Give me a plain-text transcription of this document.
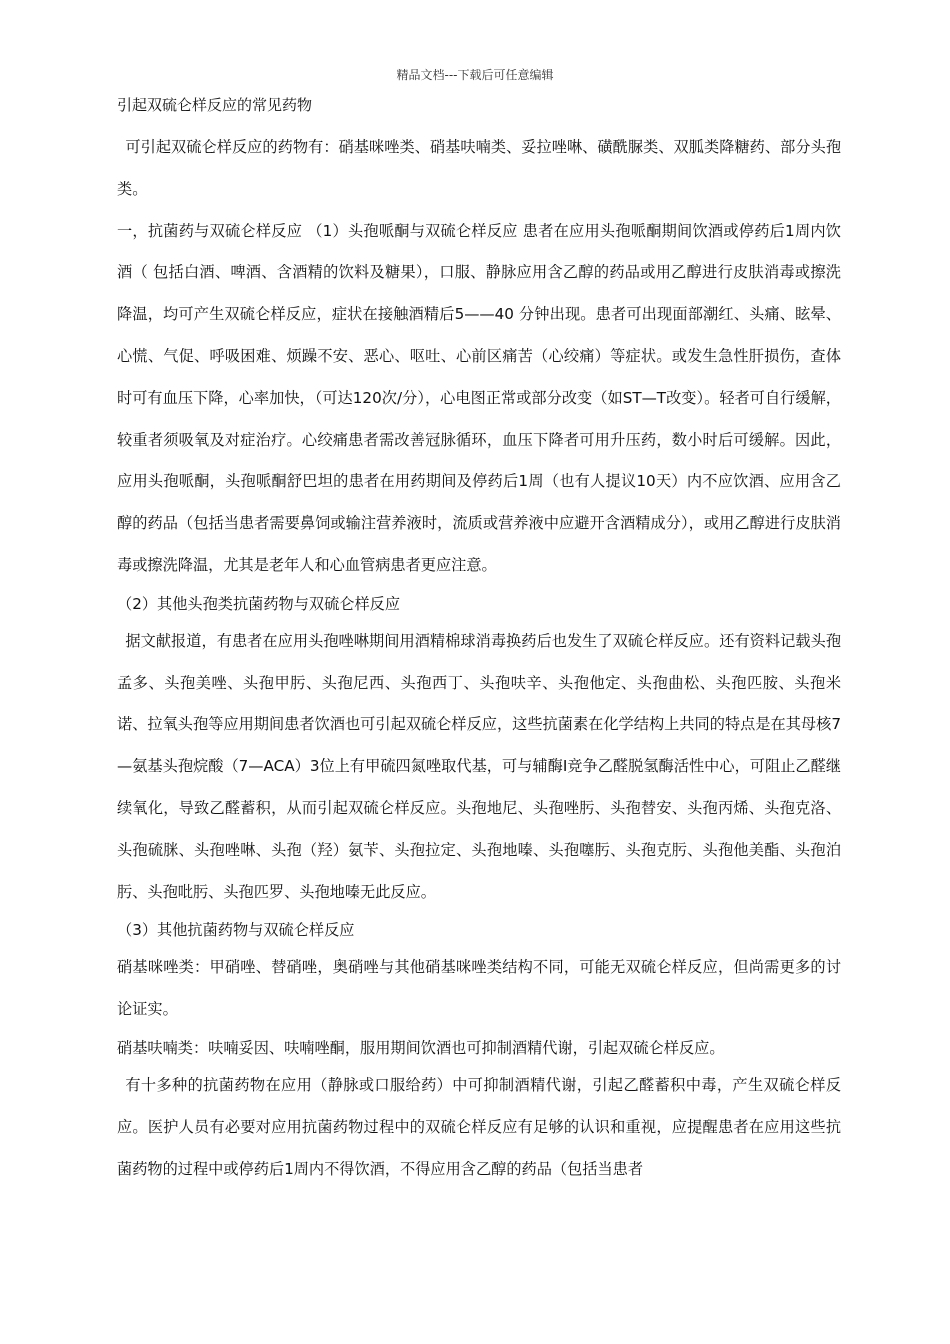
精品文档---下载后可任意编辑
引起双硫仑样反应的常见药物

可引起双硫仑样反应的药物有：硝基咪唑类、硝基呋喃类、妥拉唑啉、磺酰脲类、双胍类降糖药、部分头孢类。

一，抗菌药与双硫仑样反应 （1）头孢哌酮与双硫仑样反应 患者在应用头孢哌酮期间饮酒或停药后1周内饮酒（ 包括白酒、啤酒、含酒精的饮料及糖果），口服、静脉应用含乙醇的药品或用乙醇进行皮肤消毒或擦洗降温，均可产生双硫仑样反应，症状在接触酒精后5——40 分钟出现。患者可出现面部潮红、头痛、眩晕、心慌、气促、呼吸困难、烦躁不安、恶心、呕吐、心前区痛苦（心绞痛）等症状。或发生急性肝损伤，查体时可有血压下降，心率加快，（可达120次/分），心电图正常或部分改变（如ST—T改变）。轻者可自行缓解，较重者须吸氧及对症治疗。心绞痛患者需改善冠脉循环，血压下降者可用升压药，数小时后可缓解。因此，应用头孢哌酮，头孢哌酮舒巴坦的患者在用药期间及停药后1周（也有人提议10天）内不应饮酒、应用含乙醇的药品（包括当患者需要鼻饲或输注营养液时，流质或营养液中应避开含酒精成分），或用乙醇进行皮肤消毒或擦洗降温，尤其是老年人和心血管病患者更应注意。

（2）其他头孢类抗菌药物与双硫仑样反应

据文献报道，有患者在应用头孢唑啉期间用酒精棉球消毒换药后也发生了双硫仑样反应。还有资料记载头孢孟多、头孢美唑、头孢甲肟、头孢尼西、头孢西丁、头孢呋辛、头孢他定、头孢曲松、头孢匹胺、头孢米诺、拉氧头孢等应用期间患者饮酒也可引起双硫仑样反应，这些抗菌素在化学结构上共同的特点是在其母核7—氨基头孢烷酸（7—ACA）3位上有甲硫四氮唑取代基，可与辅酶Ⅰ竞争乙醛脱氢酶活性中心，可阻止乙醛继续氧化，导致乙醛蓄积，从而引起双硫仑样反应。头孢地尼、头孢唑肟、头孢替安、头孢丙烯、头孢克洛、头孢硫脒、头孢唑啉、头孢（羟）氨苄、头孢拉定、头孢地嗪、头孢噻肟、头孢克肟、头孢他美酯、头孢泊肟、头孢吡肟、头孢匹罗、头孢地嗪无此反应。

（3）其他抗菌药物与双硫仑样反应

硝基咪唑类：甲硝唑、替硝唑，奥硝唑与其他硝基咪唑类结构不同，可能无双硫仑样反应，但尚需更多的讨论证实。

硝基呋喃类：呋喃妥因、呋喃唑酮，服用期间饮酒也可抑制酒精代谢，引起双硫仑样反应。

有十多种的抗菌药物在应用（静脉或口服给药）中可抑制酒精代谢，引起乙醛蓄积中毒，产生双硫仑样反应。医护人员有必要对应用抗菌药物过程中的双硫仑样反应有足够的认识和重视，应提醒患者在应用这些抗菌药物的过程中或停药后1周内不得饮酒，不得应用含乙醇的药品（包括当患者
